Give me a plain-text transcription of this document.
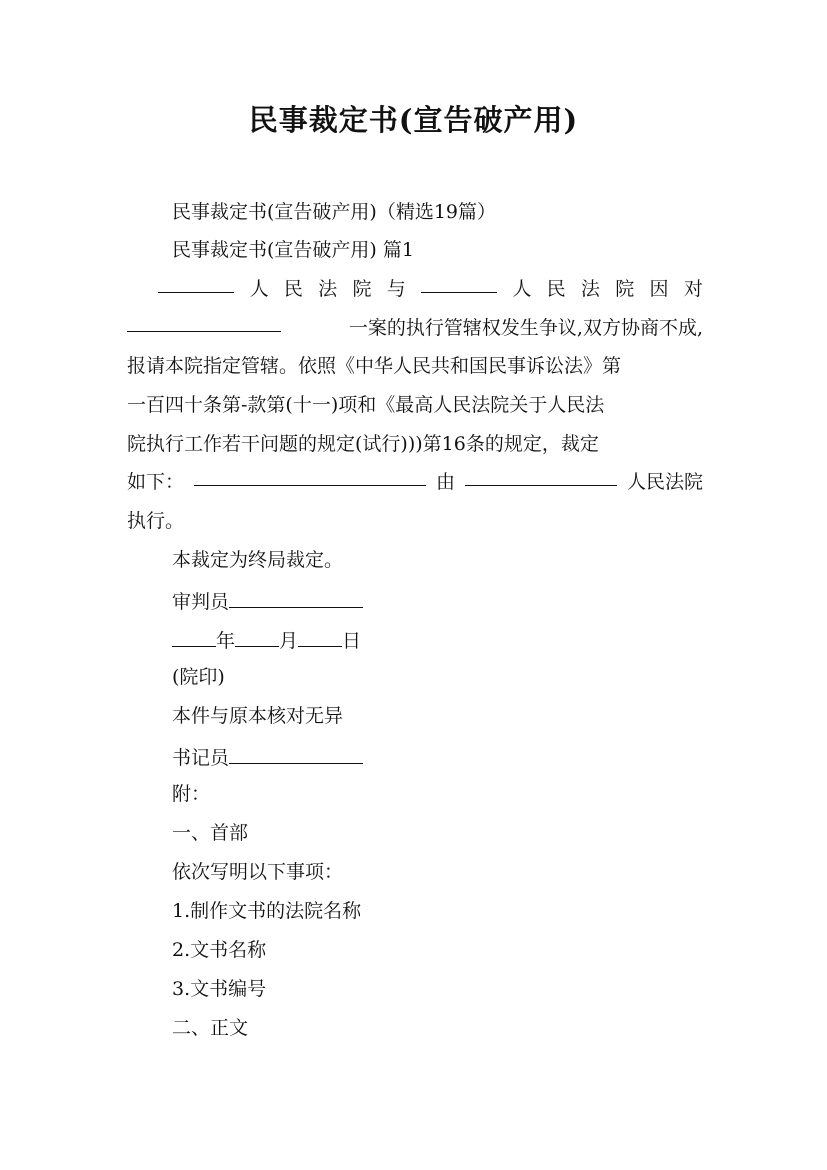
民事裁定书(宣告破产用)
民事裁定书(宣告破产用)（精选19篇）
民事裁定书(宣告破产用) 篇1
人 民 法 院 与	人 民 法 院 因 对
一案的执行管辖权发生争议,双方协商不成,
报请本院指定管辖。依照《中华人民共和国民事诉讼法》第
一百四十条第-款第(十一)项和《最高人民法院关于人民法
院执行工作若干问题的规定(试行)))第16条的规定，裁定
如下：	由	人民法院
执行。
本裁定为终局裁定。
审判员
年 月 日
(院印)
本件与原本核对无异
书记员
附：
一、首部
依次写明以下事项：
1.制作文书的法院名称
2.文书名称
3.文书编号
二、正文
